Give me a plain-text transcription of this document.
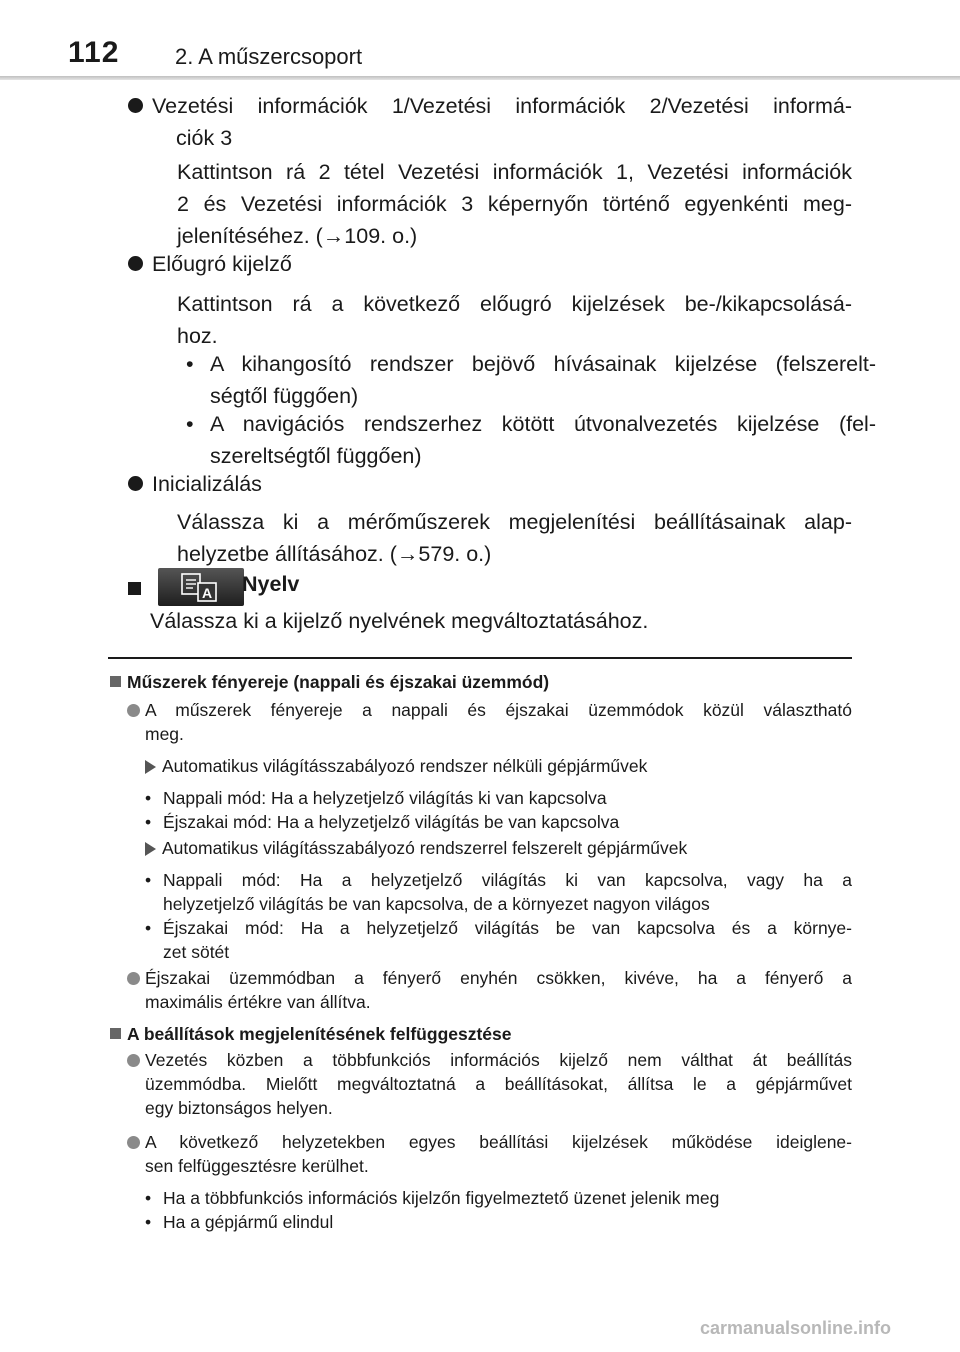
112	2. A műszercsoport
Vezetési információk 1/Vezetési információk 2/Vezetési informá-
ciók 3
Kattintson rá 2 tétel Vezetési információk 1, Vezetési információk
2 és Vezetési információk 3 képernyőn történő egyenkénti meg-
jelenítéséhez. (→109. o.)
Előugró kijelző
Kattintson rá a következő előugró kijelzések be-/kikapcsolásá-
hoz.
• A kihangosító rendszer bejövő hívásainak kijelzése (felszerelt-
ségtől függően)
• A navigációs rendszerhez kötött útvonalvezetés kijelzése (fel-
szereltségtől függően)
Inicializálás
Válassza ki a mérőműszerek megjelenítési beállításainak alap-
helyzetbe állításához. (→579. o.)
A Nyelv
Válassza ki a kijelző nyelvének megváltoztatásához.
Műszerek fényereje (nappali és éjszakai üzemmód)
A műszerek fényereje a nappali és éjszakai üzemmódok közül választható
meg.
Automatikus világításszabályozó rendszer nélküli gépjárművek
• Nappali mód: Ha a helyzetjelző világítás ki van kapcsolva
• Éjszakai mód: Ha a helyzetjelző világítás be van kapcsolva
Automatikus világításszabályozó rendszerrel felszerelt gépjárművek
• Nappali mód: Ha a helyzetjelző világítás ki van kapcsolva, vagy ha a
helyzetjelző világítás be van kapcsolva, de a környezet nagyon világos
• Éjszakai mód: Ha a helyzetjelző világítás be van kapcsolva és a környe-
zet sötét
Éjszakai üzemmódban a fényerő enyhén csökken, kivéve, ha a fényerő a
maximális értékre van állítva.
A beállítások megjelenítésének felfüggesztése
Vezetés közben a többfunkciós információs kijelző nem válthat át beállítás
üzemmódba. Mielőtt megváltoztatná a beállításokat, állítsa le a gépjárművet
egy biztonságos helyen.
A következő helyzetekben egyes beállítási kijelzések működése ideiglene-
sen felfüggesztésre kerülhet.
• Ha a többfunkciós információs kijelzőn figyelmeztető üzenet jelenik meg
• Ha a gépjármű elindul
carmanualsonline.info
